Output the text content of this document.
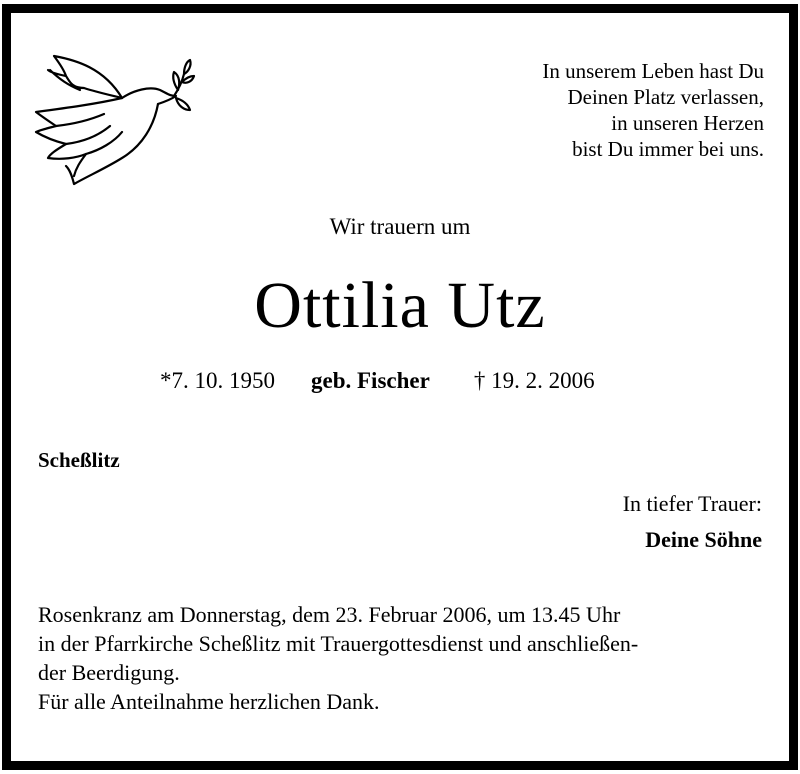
In unserem Leben hast Du
Deinen Platz verlassen,
in unseren Herzen
bist Du immer bei uns.
Wir trauern um
Ottilia Utz
*7. 10. 1950 geb. Fischer † 19. 2. 2006
Scheßlitz
In tiefer Trauer:
Deine Söhne
Rosenkranz am Donnerstag, dem 23. Februar 2006, um 13.45 Uhr
in der Pfarrkirche Scheßlitz mit Trauergottesdienst und anschließen-
der Beerdigung.
Für alle Anteilnahme herzlichen Dank.
